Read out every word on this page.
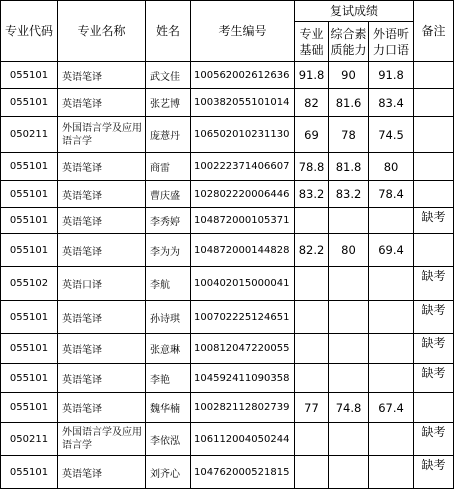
专业代码	专业名称	姓名	考生编号	复试成绩			备注
				专业基础	综合素质能力	外语听力口语	
055101	英语笔译	武文佳	100562002612636	91.8	90	91.8	
055101	英语笔译	张艺博	100382055101014	82	81.6	83.4	
050211	外国语言学及应用语言学	庞薏丹	106502010231130	69	78	74.5	
055101	英语笔译	商雷	100222371406607	78.8	81.8	80	
055101	英语笔译	曹庆盛	102802220006446	83.2	83.2	78.4	
055101	英语笔译	李秀婷	104872000105371				缺考
055101	英语笔译	李为为	104872000144828	82.2	80	69.4	
055102	英语口译	李航	100402015000041				缺考
055101	英语笔译	孙诗琪	100702225124651				缺考
055101	英语笔译	张意琳	100812047220055				缺考
055101	英语笔译	李艳	104592411090358				缺考
055101	英语笔译	魏华楠	100282112802739	77	74.8	67.4	
050211	外国语言学及应用语言学	李依泓	106112004050244				缺考
055101	英语笔译	刘齐心	104762000521815				缺考
